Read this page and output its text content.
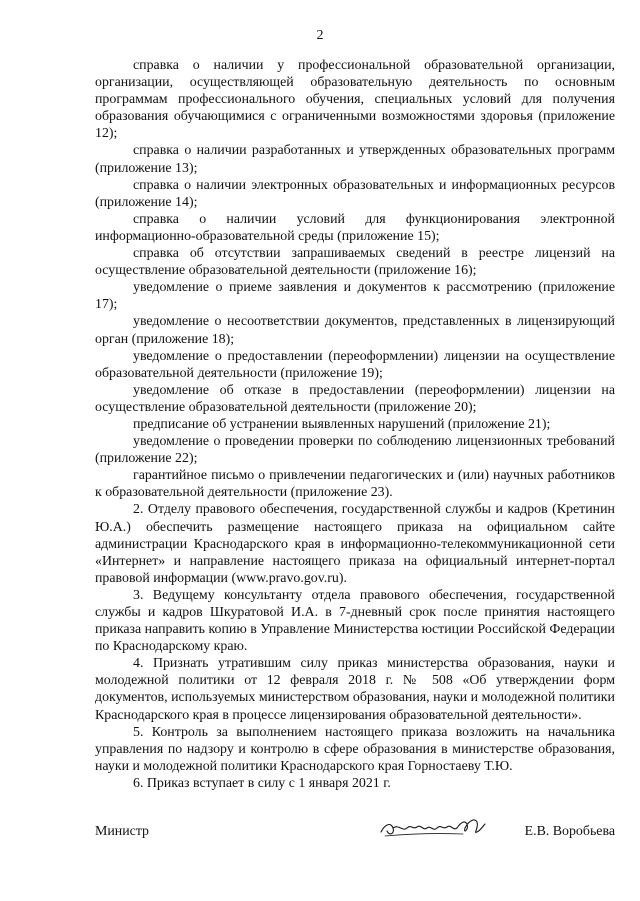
2

справка о наличии у профессиональной образовательной организации, организации, осуществляющей образовательную деятельность по основным программам профессионального обучения, специальных условий для получения образования обучающимися с ограниченными возможностями здоровья (приложение 12);

справка о наличии разработанных и утвержденных образовательных программ (приложение 13);

справка о наличии электронных образовательных и информационных ресурсов (приложение 14);

справка о наличии условий для функционирования электронной информационно-образовательной среды (приложение 15);

справка об отсутствии запрашиваемых сведений в реестре лицензий на осуществление образовательной деятельности (приложение 16);

уведомление о приеме заявления и документов к рассмотрению (приложение 17);

уведомление о несоответствии документов, представленных в лицензирующий орган (приложение 18);

уведомление о предоставлении (переоформлении) лицензии на осуществление образовательной деятельности (приложение 19);

уведомление об отказе в предоставлении (переоформлении) лицензии на осуществление образовательной деятельности (приложение 20);

предписание об устранении выявленных нарушений (приложение 21);

уведомление о проведении проверки по соблюдению лицензионных требований (приложение 22);

гарантийное письмо о привлечении педагогических и (или) научных работников к образовательной деятельности (приложение 23).

2. Отделу правового обеспечения, государственной службы и кадров (Кретинин Ю.А.) обеспечить размещение настоящего приказа на официальном сайте администрации Краснодарского края в информационно-телекоммуникационной сети «Интернет» и направление настоящего приказа на официальный интернет-портал правовой информации (www.pravo.gov.ru).

3. Ведущему консультанту отдела правового обеспечения, государственной службы и кадров Шкуратовой И.А. в 7-дневный срок после принятия настоящего приказа направить копию в Управление Министерства юстиции Российской Федерации по Краснодарскому краю.

4. Признать утратившим силу приказ министерства образования, науки и молодежной политики от 12 февраля 2018 г. № 508 «Об утверждении форм документов, используемых министерством образования, науки и молодежной политики Краснодарского края в процессе лицензирования образовательной деятельности».

5. Контроль за выполнением настоящего приказа возложить на начальника управления по надзору и контролю в сфере образования в министерстве образования, науки и молодежной политики Краснодарского края Горностаеву Т.Ю.

6. Приказ вступает в силу с 1 января 2021 г.

Министр	Е.В. Воробьева
